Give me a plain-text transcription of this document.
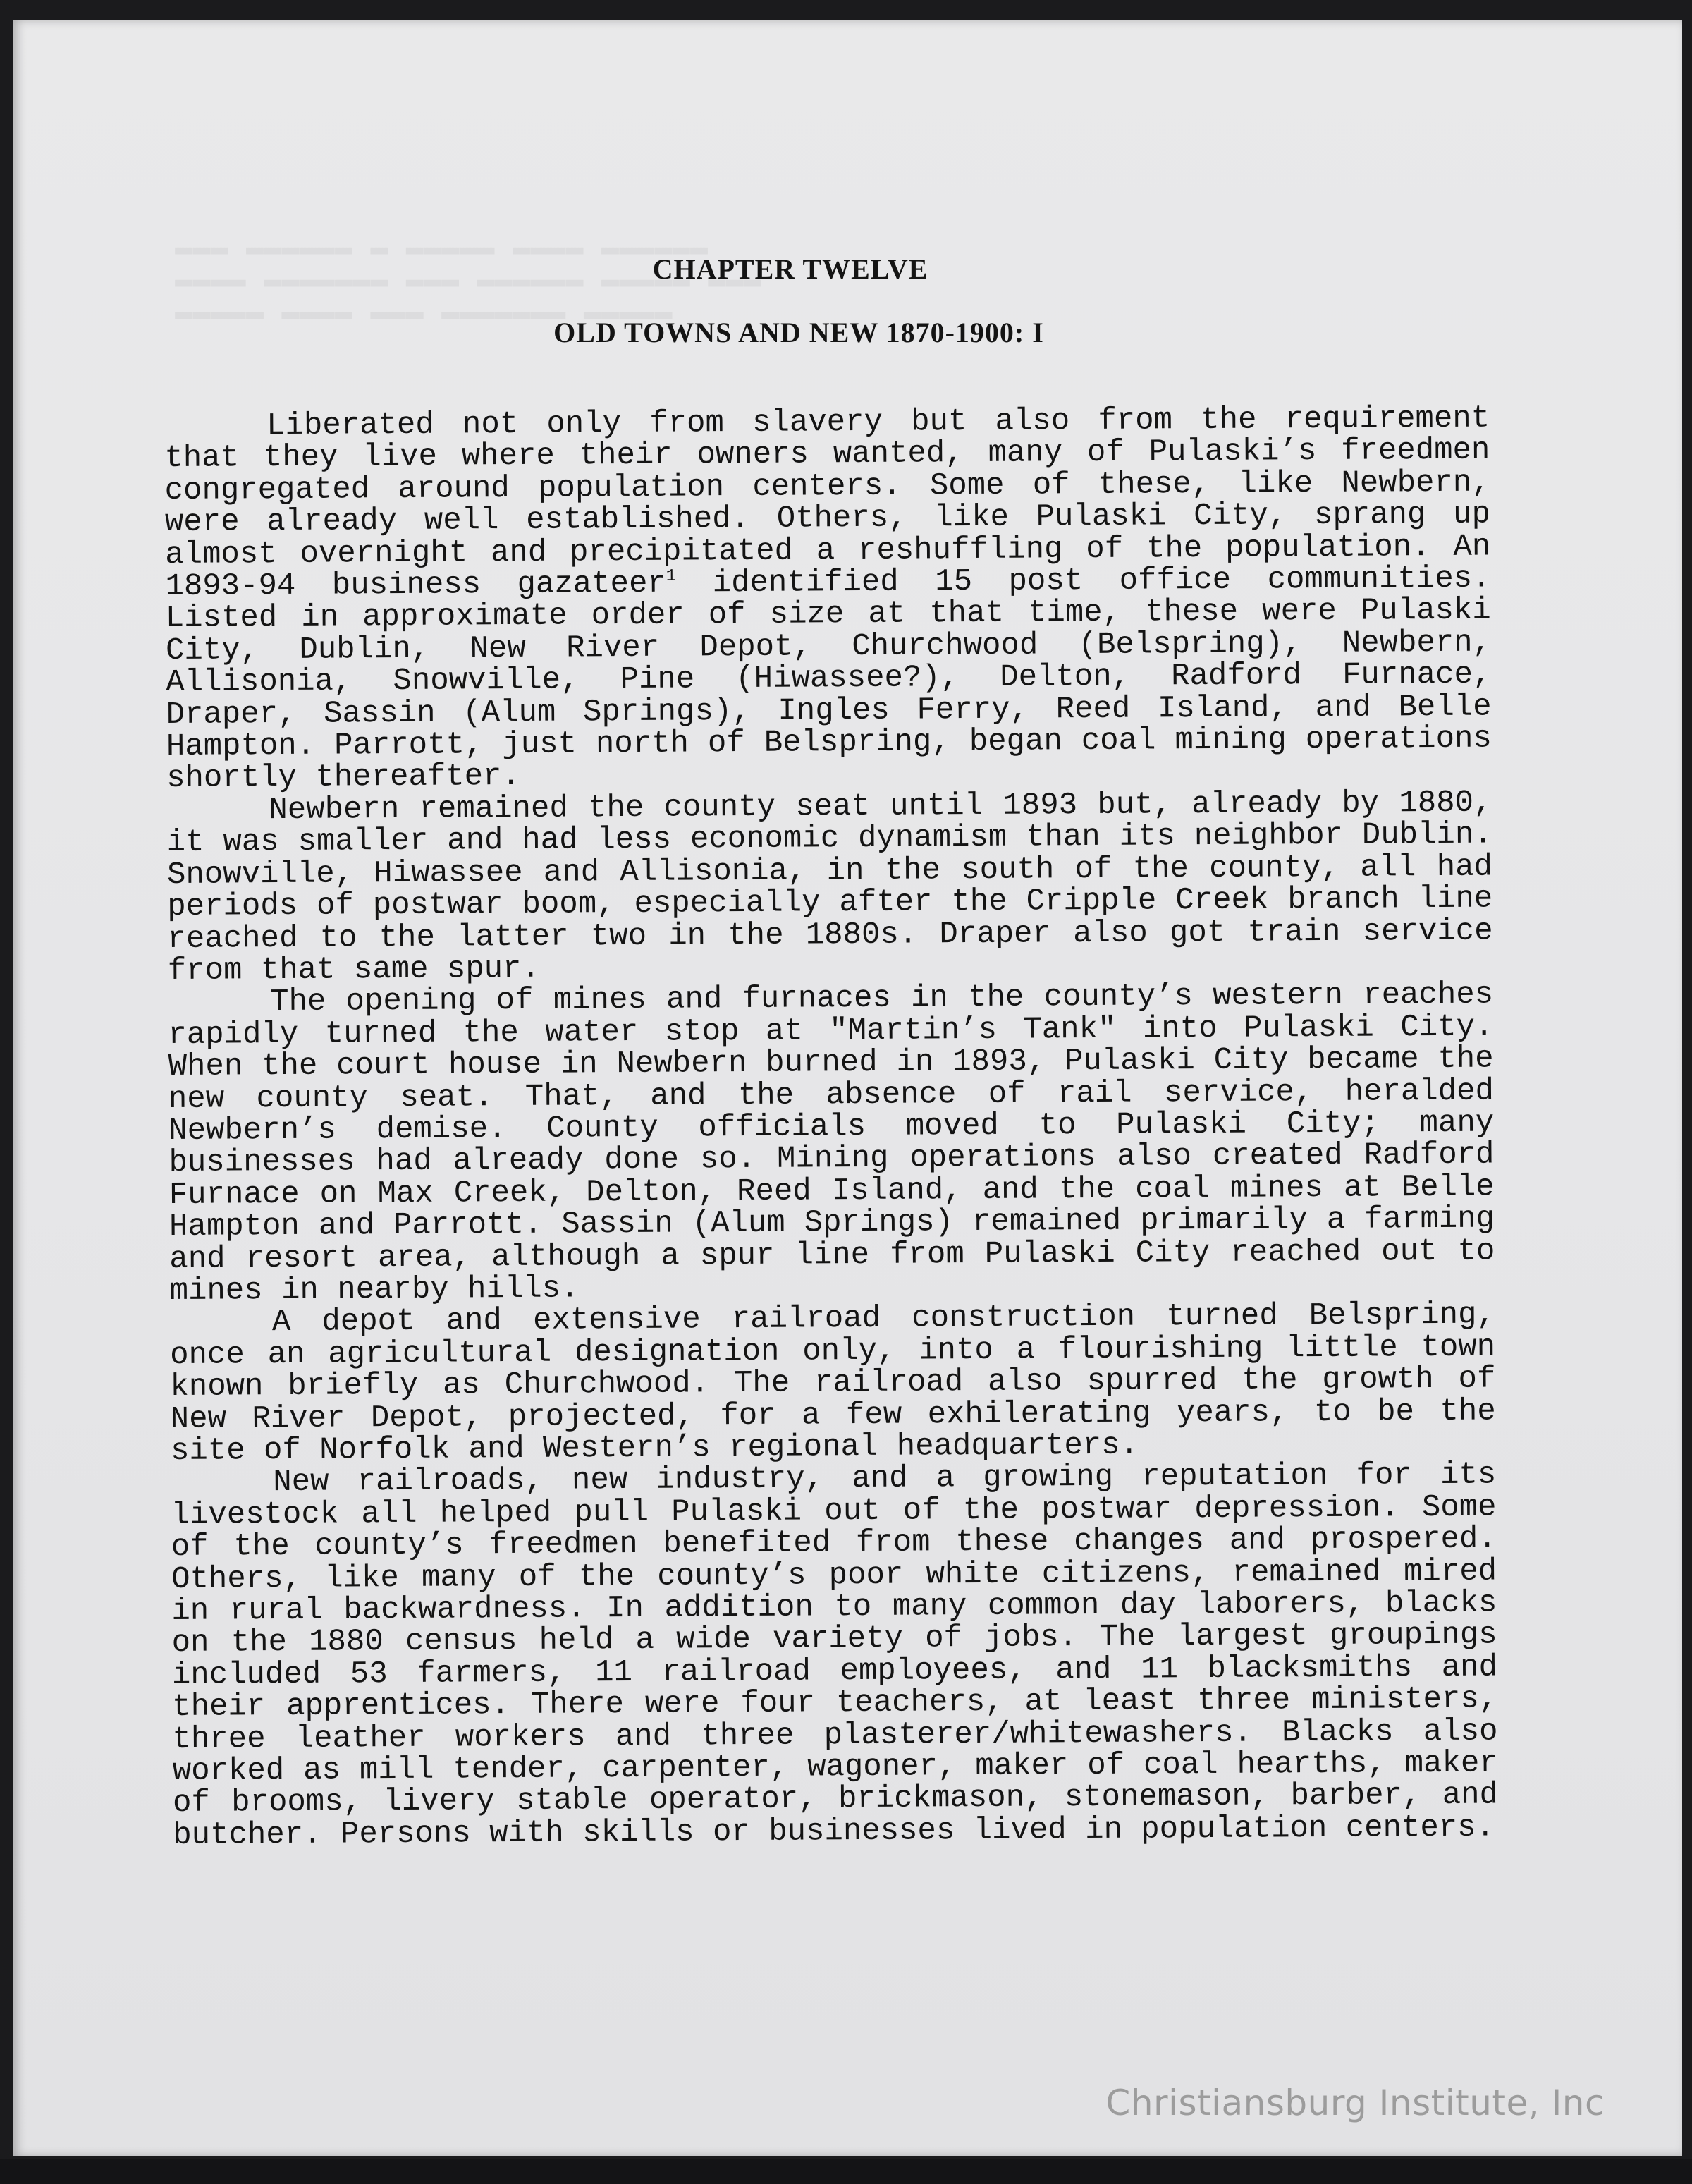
▬▬▬ ▬▬▬▬▬▬ ▬ ▬▬▬▬▬ ▬▬▬▬ ▬▬▬▬▬▬
▬▬▬▬ ▬▬▬▬▬▬▬ ▬▬▬ ▬▬▬▬▬▬ ▬▬▬▬▬ ▬▬▬
▬▬▬▬▬ ▬▬▬▬ ▬▬▬ ▬▬▬▬▬▬▬ ▬▬▬▬▬
CHAPTER TWELVE
OLD TOWNS AND NEW 1870-1900: I

Liberated not only from slavery but also from the requirement that they live where their owners wanted, many of Pulaski’s freedmen congregated around population centers. Some of these, like Newbern, were already well established. Others, like Pulaski City, sprang up almost overnight and precipitated a reshuffling of the population. An 1893-94 business gazateer$^1$ identified 15 post office communities. Listed in approximate order of size at that time, these were Pulaski City, Dublin, New River Depot, Churchwood (Belspring), Newbern, Allisonia, Snowville, Pine (Hiwassee?), Delton, Radford Furnace, Draper, Sassin (Alum Springs), Ingles Ferry, Reed Island, and Belle Hampton. Parrott, just north of Belspring, began coal mining operations shortly thereafter.

Newbern remained the county seat until 1893 but, already by 1880, it was smaller and had less economic dynamism than its neighbor Dublin. Snowville, Hiwassee and Allisonia, in the south of the county, all had periods of postwar boom, especially after the Cripple Creek branch line reached to the latter two in the 1880s. Draper also got train service from that same spur.

The opening of mines and furnaces in the county’s western reaches rapidly turned the water stop at "Martin’s Tank" into Pulaski City. When the court house in Newbern burned in 1893, Pulaski City became the new county seat. That, and the absence of rail service, heralded Newbern’s demise. County officials moved to Pulaski City; many businesses had already done so. Mining operations also created Radford Furnace on Max Creek, Delton, Reed Island, and the coal mines at Belle Hampton and Parrott. Sassin (Alum Springs) remained primarily a farming and resort area, although a spur line from Pulaski City reached out to mines in nearby hills.

A depot and extensive railroad construction turned Belspring, once an agricultural designation only, into a flourishing little town known briefly as Churchwood. The railroad also spurred the growth of New River Depot, projected, for a few exhilerating years, to be the site of Norfolk and Western’s regional headquarters.

New railroads, new industry, and a growing reputation for its livestock all helped pull Pulaski out of the postwar depression. Some of the county’s freedmen benefited from these changes and prospered. Others, like many of the county’s poor white citizens, remained mired in rural backwardness. In addition to many common day laborers, blacks on the 1880 census held a wide variety of jobs. The largest groupings included 53 farmers, 11 railroad employees, and 11 blacksmiths and their apprentices. There were four teachers, at least three ministers, three leather workers and three plasterer/whitewashers. Blacks also worked as mill tender, carpenter, wagoner, maker of coal hearths, maker of brooms, livery stable operator, brickmason, stonemason, barber, and butcher. Persons with skills or businesses lived in population centers.

Christiansburg Institute, Inc
